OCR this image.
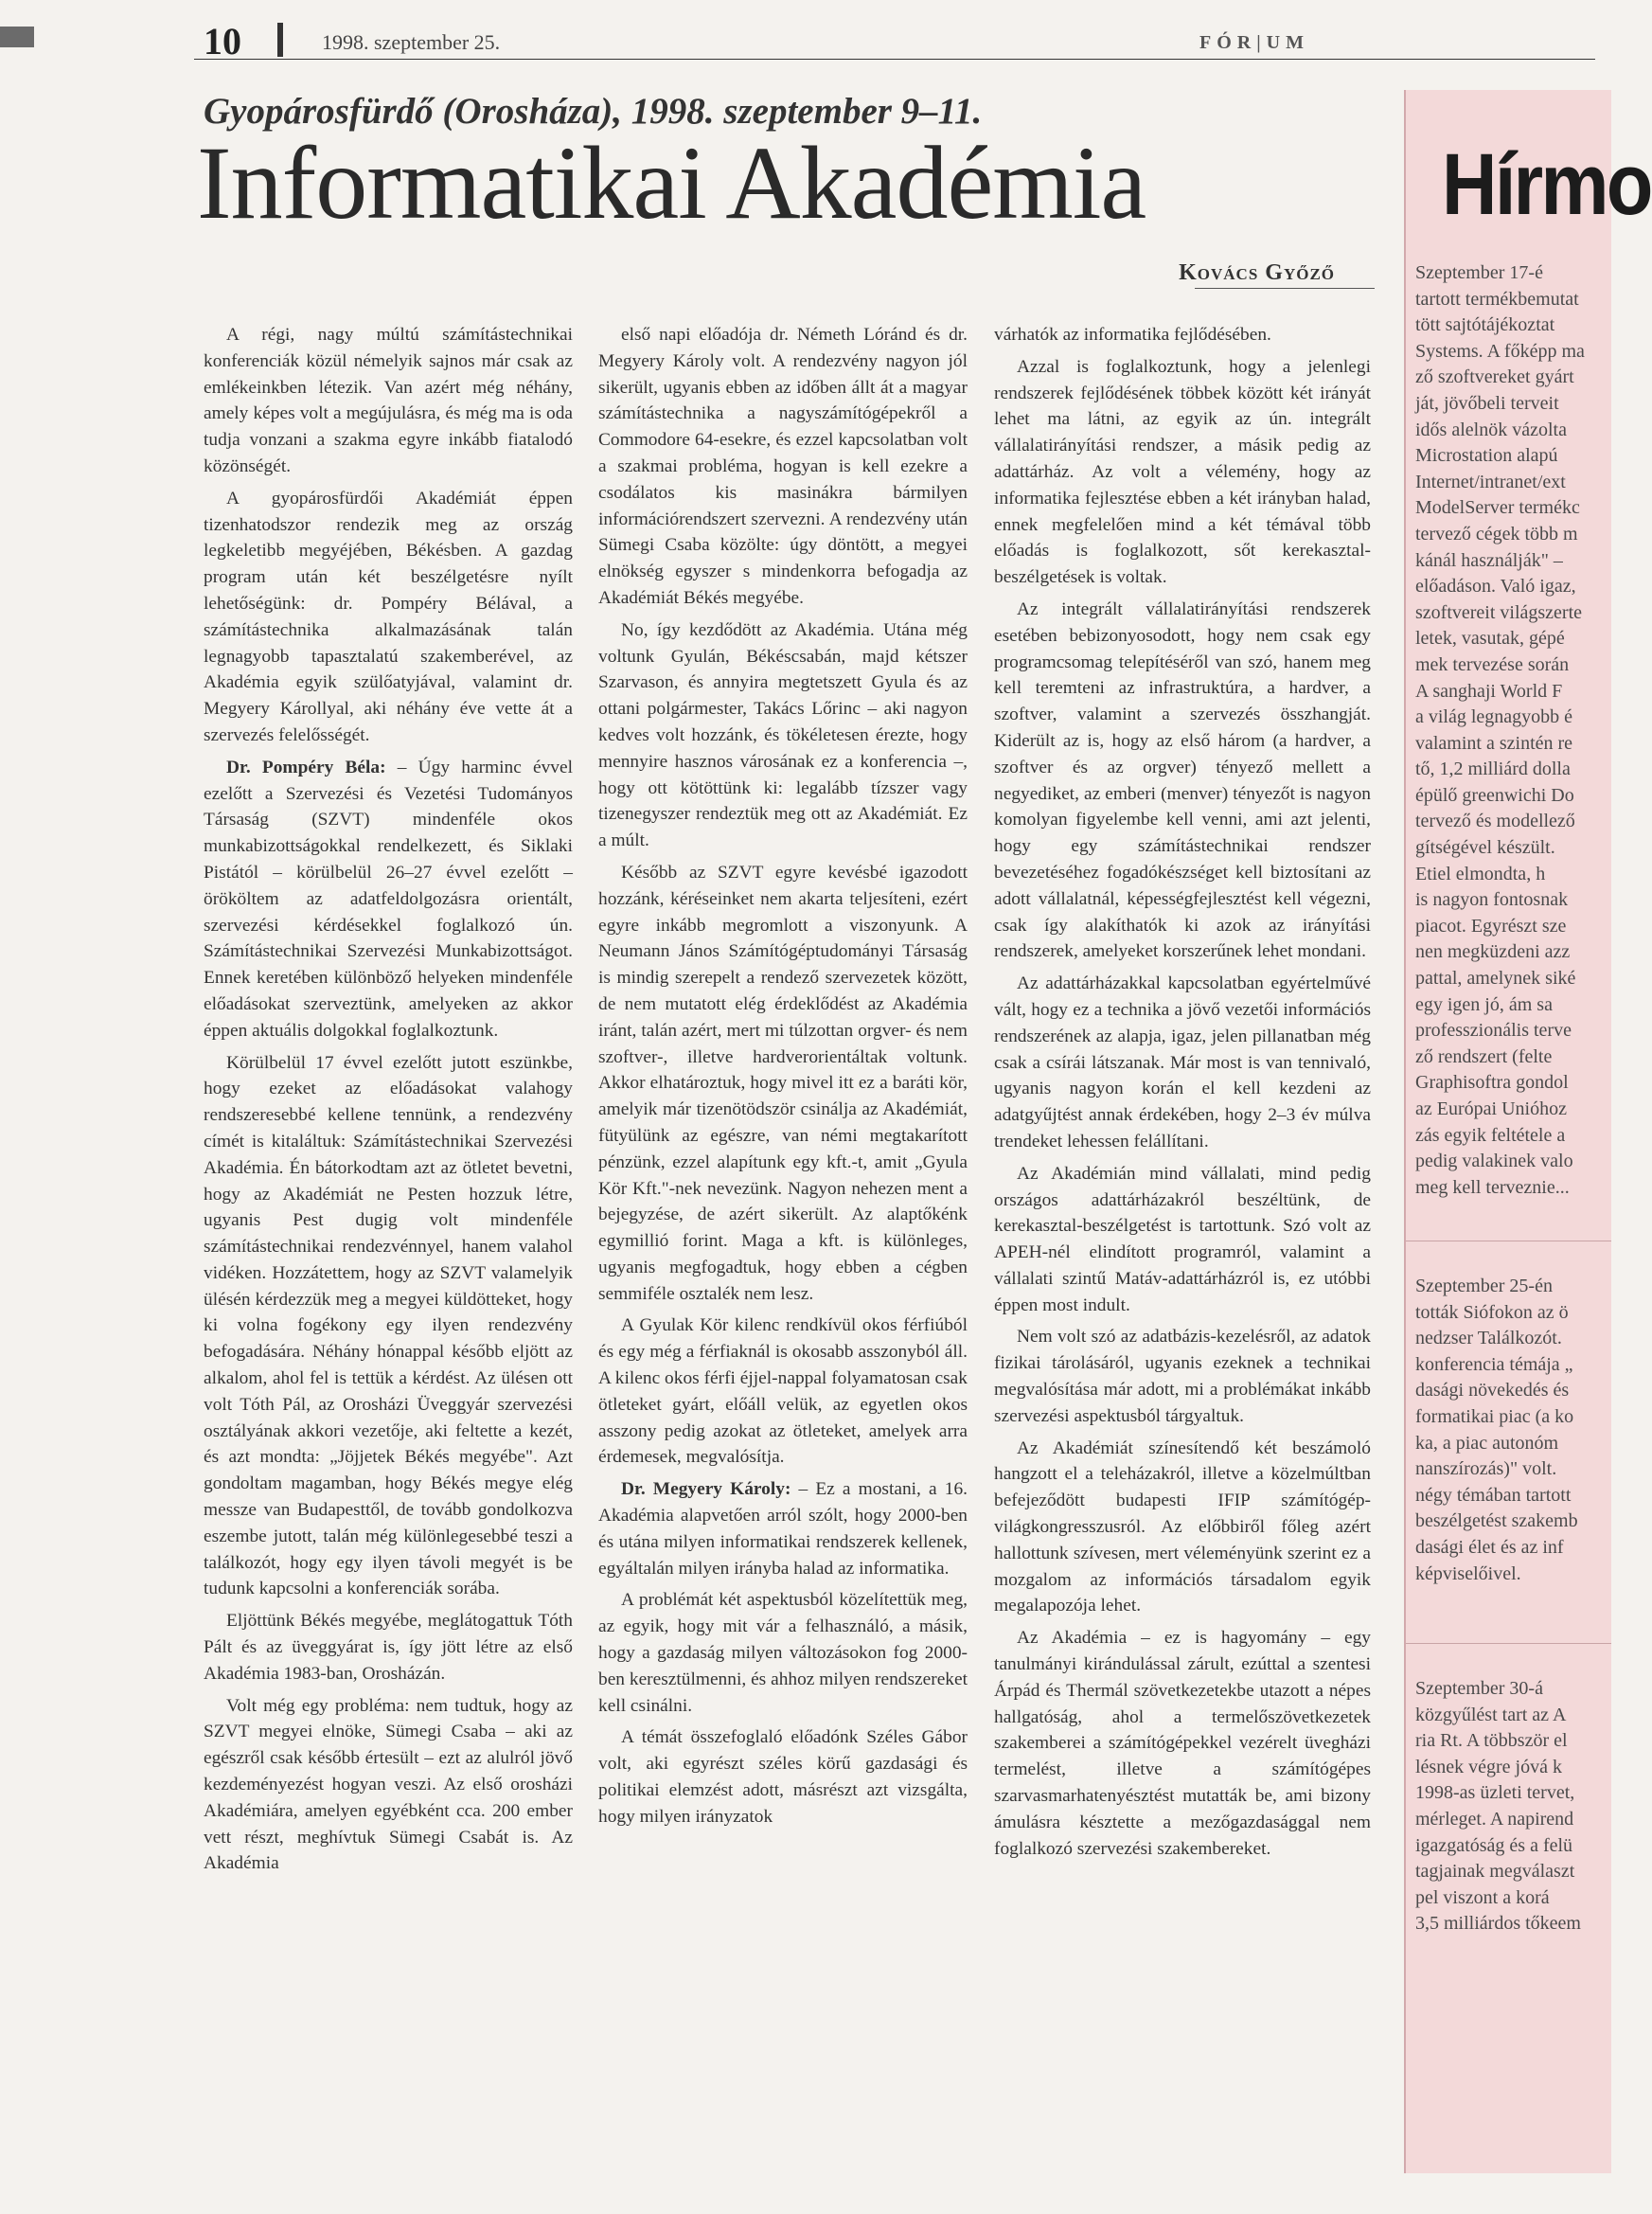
10	1998. szeptember 25.	FÓR|UM
Gyopárosfürdő (Orosháza), 1998. szeptember 9–11.
Informatikai Akadémia
Kovács Győző

A régi, nagy múltú számítástechnikai konferenciák közül némelyik sajnos már csak az emlékeinkben létezik. Van azért még néhány, amely képes volt a megújulásra, és még ma is oda tudja vonzani a szakma egyre inkább fiatalodó közönségét.

A gyopárosfürdői Akadémiát éppen tizenhatodszor rendezik meg az ország legkeletibb megyéjében, Békésben. A gazdag program után két beszélgetésre nyílt lehetőségünk: dr. Pompéry Bélával, a számítástechnika alkalmazásának talán legnagyobb tapasztalatú szakemberével, az Akadémia egyik szülőatyjával, valamint dr. Megyery Károllyal, aki néhány éve vette át a szervezés felelősségét.

Dr. Pompéry Béla: – Úgy harminc évvel ezelőtt a Szervezési és Vezetési Tudományos Társaság (SZVT) mindenféle okos munkabizottságokkal rendelkezett, és Siklaki Pistától – körülbelül 26–27 évvel ezelőtt – örököltem az adatfeldolgozásra orientált, szervezési kérdésekkel foglalkozó ún. Számítástechnikai Szervezési Munkabizottságot. Ennek keretében különböző helyeken mindenféle előadásokat szerveztünk, amelyeken az akkor éppen aktuális dolgokkal foglalkoztunk.

Körülbelül 17 évvel ezelőtt jutott eszünkbe, hogy ezeket az előadásokat valahogy rendszeresebbé kellene tennünk, a rendezvény címét is kitaláltuk: Számítástechnikai Szervezési Akadémia. Én bátorkodtam azt az ötletet bevetni, hogy az Akadémiát ne Pesten hozzuk létre, ugyanis Pest dugig volt mindenféle számítástechnikai rendezvénnyel, hanem valahol vidéken. Hozzátettem, hogy az SZVT valamelyik ülésén kérdezzük meg a megyei küldötteket, hogy ki volna fogékony egy ilyen rendezvény befogadására. Néhány hónappal később eljött az alkalom, ahol fel is tettük a kérdést. Az ülésen ott volt Tóth Pál, az Orosházi Üveggyár szervezési osztályának akkori vezetője, aki feltette a kezét, és azt mondta: „Jöjjetek Békés megyébe". Azt gondoltam magamban, hogy Békés megye elég messze van Budapesttől, de tovább gondolkozva eszembe jutott, talán még különlegesebbé teszi a találkozót, hogy egy ilyen távoli megyét is be tudunk kapcsolni a konferenciák sorába.

Eljöttünk Békés megyébe, meglátogattuk Tóth Pált és az üveggyárat is, így jött létre az első Akadémia 1983-ban, Orosházán.

Volt még egy probléma: nem tudtuk, hogy az SZVT megyei elnöke, Sümegi Csaba – aki az egészről csak később értesült – ezt az alulról jövő kezdeményezést hogyan veszi. Az első orosházi Akadémiára, amelyen egyébként cca. 200 ember vett részt, meghívtuk Sümegi Csabát is. Az Akadémia

első napi előadója dr. Németh Lóránd és dr. Megyery Károly volt. A rendezvény nagyon jól sikerült, ugyanis ebben az időben állt át a magyar számítástechnika a nagyszámítógépekről a Commodore 64-esekre, és ezzel kapcsolatban volt a szakmai probléma, hogyan is kell ezekre a csodálatos kis masinákra bármilyen információrendszert szervezni. A rendezvény után Sümegi Csaba közölte: úgy döntött, a megyei elnökség egyszer s mindenkorra befogadja az Akadémiát Békés megyébe.

No, így kezdődött az Akadémia. Utána még voltunk Gyulán, Békéscsabán, majd kétszer Szarvason, és annyira megtetszett Gyula és az ottani polgármester, Takács Lőrinc – aki nagyon kedves volt hozzánk, és tökéletesen érezte, hogy mennyire hasznos városának ez a konferencia –, hogy ott kötöttünk ki: legalább tízszer vagy tizenegyszer rendeztük meg ott az Akadémiát. Ez a múlt.

Később az SZVT egyre kevésbé igazodott hozzánk, kéréseinket nem akarta teljesíteni, ezért egyre inkább megromlott a viszonyunk. A Neumann János Számítógéptudományi Társaság is mindig szerepelt a rendező szervezetek között, de nem mutatott elég érdeklődést az Akadémia iránt, talán azért, mert mi túlzottan orgver- és nem szoftver-, illetve hardverorientáltak voltunk. Akkor elhatároztuk, hogy mivel itt ez a baráti kör, amelyik már tizenötödször csinálja az Akadémiát, fütyülünk az egészre, van némi megtakarított pénzünk, ezzel alapítunk egy kft.-t, amit „Gyula Kör Kft."-nek nevezünk. Nagyon nehezen ment a bejegyzése, de azért sikerült. Az alaptőkénk egymillió forint. Maga a kft. is különleges, ugyanis megfogadtuk, hogy ebben a cégben semmiféle osztalék nem lesz.

A Gyulak Kör kilenc rendkívül okos férfiúból és egy még a férfiaknál is okosabb asszonyból áll. A kilenc okos férfi éjjel-nappal folyamatosan csak ötleteket gyárt, előáll velük, az egyetlen okos asszony pedig azokat az ötleteket, amelyek arra érdemesek, megvalósítja.

Dr. Megyery Károly: – Ez a mostani, a 16. Akadémia alapvetően arról szólt, hogy 2000-ben és utána milyen informatikai rendszerek kellenek, egyáltalán milyen irányba halad az informatika.

A problémát két aspektusból közelítettük meg, az egyik, hogy mit vár a felhasználó, a másik, hogy a gazdaság milyen változásokon fog 2000-ben keresztülmenni, és ahhoz milyen rendszereket kell csinálni.

A témát összefoglaló előadónk Széles Gábor volt, aki egyrészt széles körű gazdasági és politikai elemzést adott, másrészt azt vizsgálta, hogy milyen irányzatok

várhatók az informatika fejlődésében.

Azzal is foglalkoztunk, hogy a jelenlegi rendszerek fejlődésének többek között két irányát lehet ma látni, az egyik az ún. integrált vállalatirányítási rendszer, a másik pedig az adattárház. Az volt a vélemény, hogy az informatika fejlesztése ebben a két irányban halad, ennek megfelelően mind a két témával több előadás is foglalkozott, sőt kerekasztal-beszélgetések is voltak.

Az integrált vállalatirányítási rendszerek esetében bebizonyosodott, hogy nem csak egy programcsomag telepítéséről van szó, hanem meg kell teremteni az infrastruktúra, a hardver, a szoftver, valamint a szervezés összhangját. Kiderült az is, hogy az első három (a hardver, a szoftver és az orgver) tényező mellett a negyediket, az emberi (menver) tényezőt is nagyon komolyan figyelembe kell venni, ami azt jelenti, hogy egy számítástechnikai rendszer bevezetéséhez fogadókészséget kell biztosítani az adott vállalatnál, képességfejlesztést kell végezni, csak így alakíthatók ki azok az irányítási rendszerek, amelyeket korszerűnek lehet mondani.

Az adattárházakkal kapcsolatban egyértelművé vált, hogy ez a technika a jövő vezetői információs rendszerének az alapja, igaz, jelen pillanatban még csak a csírái látszanak. Már most is van tennivaló, ugyanis nagyon korán el kell kezdeni az adatgyűjtést annak érdekében, hogy 2–3 év múlva trendeket lehessen felállítani.

Az Akadémián mind vállalati, mind pedig országos adattárházakról beszéltünk, de kerekasztal-beszélgetést is tartottunk. Szó volt az APEH-nél elindított programról, valamint a vállalati szintű Matáv-adattárházról is, ez utóbbi éppen most indult.

Nem volt szó az adatbázis-kezelésről, az adatok fizikai tárolásáról, ugyanis ezeknek a technikai megvalósítása már adott, mi a problémákat inkább szervezési aspektusból tárgyaltuk.

Az Akadémiát színesítendő két beszámoló hangzott el a teleházakról, illetve a közelmúltban befejeződött budapesti IFIP számítógép-világkongresszusról. Az előbbiről főleg azért hallottunk szívesen, mert véleményünk szerint ez a mozgalom az információs társadalom egyik megalapozója lehet.

Az Akadémia – ez is hagyomány – egy tanulmányi kirándulással zárult, ezúttal a szentesi Árpád és Thermál szövetkezetekbe utazott a népes hallgatóság, ahol a termelőszövetkezetek szakemberei a számítógépekkel vezérelt üvegházi termelést, illetve a számítógépes szarvasmarhatenyésztést mutatták be, ami bizony ámulásra késztette a mezőgazdasággal nem foglalkozó szervezési szakembereket.

Hírmo
Szeptember 17-é
tartott termékbemutat
tött sajtótájékoztat
Systems. A főképp ma
ző szoftvereket gyárt
ját, jövőbeli terveit
idős alelnök vázolta
Microstation alapú
Internet/intranet/ext
ModelServer termékc
tervező cégek több m
kánál használják" –
előadáson. Való igaz,
szoftvereit világszerte
letek, vasutak, gépé
mek tervezése során
A sanghaji World F
a világ legnagyobb é
valamint a szintén re
tő, 1,2 milliárd dolla
épülő greenwichi Do
tervező és modellező
gítségével készült.
Etiel elmondta, h
is nagyon fontosnak
piacot. Egyrészt sze
nen megküzdeni azz
pattal, amelynek siké
egy igen jó, ám sa
professzionális terve
ző rendszert (felte
Graphisoftra gondol
az Európai Unióhoz
zás egyik feltétele a
pedig valakinek valo
meg kell terveznie...
Szeptember 25-én
tották Siófokon az ö
nedzser Találkozót.
konferencia témája „
dasági növekedés és
formatikai piac (a ko
ka, a piac autonóm
nanszírozás)" volt.
négy témában tartott
beszélgetést szakemb
dasági élet és az inf
képviselőivel.
Szeptember 30-á
közgyűlést tart az A
ria Rt. A többször el
lésnek végre jóvá k
1998-as üzleti tervet,
mérleget. A napirend
igazgatóság és a felü
tagjainak megválaszt
pel viszont a korá
3,5 milliárdos tőkeem
